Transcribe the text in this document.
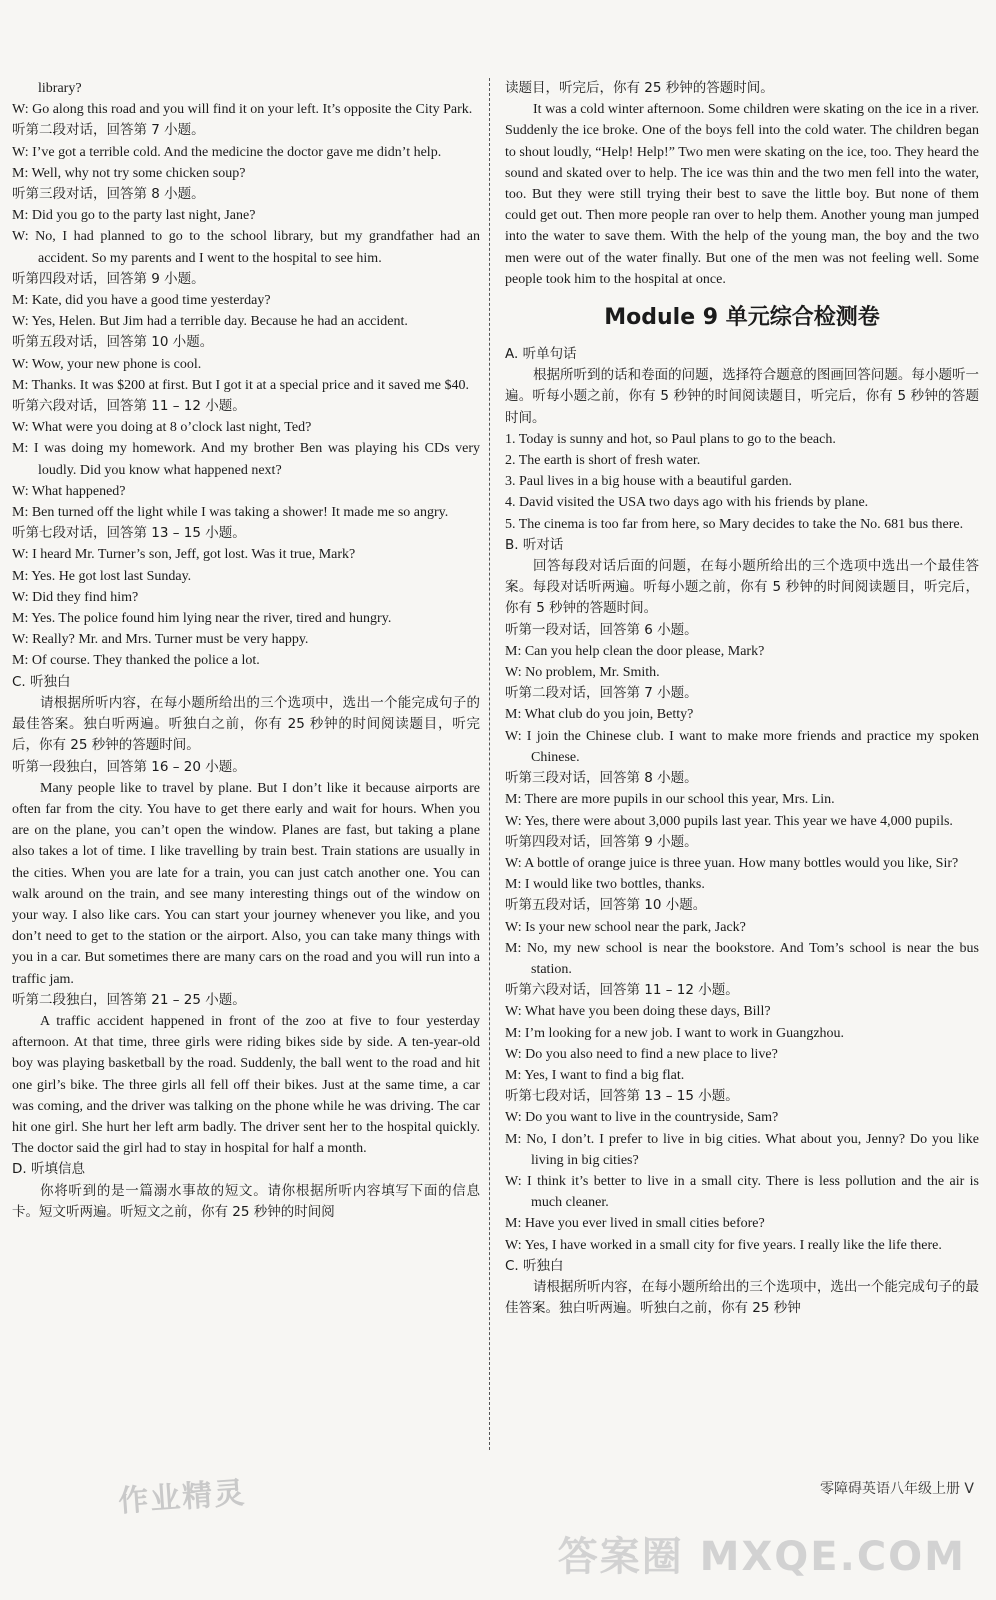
library?
W: Go along this road and you will find it on your left. It’s opposite the City Park.
听第二段对话，回答第 7 小题。
W: I’ve got a terrible cold. And the medicine the doctor gave me didn’t help.
M: Well, why not try some chicken soup?
听第三段对话，回答第 8 小题。
M: Did you go to the party last night, Jane?
W: No, I had planned to go to the school library, but my grandfather had an accident. So my parents and I went to the hospital to see him.
听第四段对话，回答第 9 小题。
M: Kate, did you have a good time yesterday?
W: Yes, Helen. But Jim had a terrible day. Because he had an accident.
听第五段对话，回答第 10 小题。
W: Wow, your new phone is cool.
M: Thanks. It was $200 at first. But I got it at a special price and it saved me $40.
听第六段对话，回答第 11 – 12 小题。
W: What were you doing at 8 o’clock last night, Ted?
M: I was doing my homework. And my brother Ben was playing his CDs very loudly. Did you know what happened next?
W: What happened?
M: Ben turned off the light while I was taking a shower! It made me so angry.
听第七段对话，回答第 13 – 15 小题。
W: I heard Mr. Turner’s son, Jeff, got lost. Was it true, Mark?
M: Yes. He got lost last Sunday.
W: Did they find him?
M: Yes. The police found him lying near the river, tired and hungry.
W: Really? Mr. and Mrs. Turner must be very happy.
M: Of course. They thanked the police a lot.
C. 听独白
请根据所听内容，在每小题所给出的三个选项中，选出一个能完成句子的最佳答案。独白听两遍。听独白之前，你有 25 秒钟的时间阅读题目，听完后，你有 25 秒钟的答题时间。
听第一段独白，回答第 16 – 20 小题。
Many people like to travel by plane. But I don’t like it because airports are often far from the city. You have to get there early and wait for hours. When you are on the plane, you can’t open the window. Planes are fast, but taking a plane also takes a lot of time. I like travelling by train best. Train stations are usually in the cities. When you are late for a train, you can just catch another one. You can walk around on the train, and see many interesting things out of the window on your way. I also like cars. You can start your journey whenever you like, and you don’t need to get to the station or the airport. Also, you can take many things with you in a car. But sometimes there are many cars on the road and you will run into a traffic jam.
听第二段独白，回答第 21 – 25 小题。
A traffic accident happened in front of the zoo at five to four yesterday afternoon. At that time, three girls were riding bikes side by side. A ten-year-old boy was playing basketball by the road. Suddenly, the ball went to the road and hit one girl’s bike. The three girls all fell off their bikes. Just at the same time, a car was coming, and the driver was talking on the phone while he was driving. The car hit one girl. She hurt her left arm badly. The driver sent her to the hospital quickly. The doctor said the girl had to stay in hospital for half a month.
D. 听填信息
你将听到的是一篇溺水事故的短文。请你根据所听内容填写下面的信息卡。短文听两遍。听短文之前，你有 25 秒钟的时间阅
读题目，听完后，你有 25 秒钟的答题时间。
It was a cold winter afternoon. Some children were skating on the ice in a river. Suddenly the ice broke. One of the boys fell into the cold water. The children began to shout loudly, “Help! Help!” Two men were skating on the ice, too. They heard the sound and skated over to help. The ice was thin and the two men fell into the water, too. But they were still trying their best to save the little boy. But none of them could get out. Then more people ran over to help them. Another young man jumped into the water to save them. With the help of the young man, the boy and the two men were out of the water finally. But one of the men was not feeling well. Some people took him to the hospital at once.
Module 9 单元综合检测卷
A. 听单句话
根据所听到的话和卷面的问题，选择符合题意的图画回答问题。每小题听一遍。听每小题之前，你有 5 秒钟的时间阅读题目，听完后，你有 5 秒钟的答题时间。
1. Today is sunny and hot, so Paul plans to go to the beach.
2. The earth is short of fresh water.
3. Paul lives in a big house with a beautiful garden.
4. David visited the USA two days ago with his friends by plane.
5. The cinema is too far from here, so Mary decides to take the No. 681 bus there.
B. 听对话
回答每段对话后面的问题，在每小题所给出的三个选项中选出一个最佳答案。每段对话听两遍。听每小题之前，你有 5 秒钟的时间阅读题目，听完后，你有 5 秒钟的答题时间。
听第一段对话，回答第 6 小题。
M: Can you help clean the door please, Mark?
W: No problem, Mr. Smith.
听第二段对话，回答第 7 小题。
M: What club do you join, Betty?
W: I join the Chinese club. I want to make more friends and practice my spoken Chinese.
听第三段对话，回答第 8 小题。
M: There are more pupils in our school this year, Mrs. Lin.
W: Yes, there were about 3,000 pupils last year. This year we have 4,000 pupils.
听第四段对话，回答第 9 小题。
W: A bottle of orange juice is three yuan. How many bottles would you like, Sir?
M: I would like two bottles, thanks.
听第五段对话，回答第 10 小题。
W: Is your new school near the park, Jack?
M: No, my new school is near the bookstore. And Tom’s school is near the bus station.
听第六段对话，回答第 11 – 12 小题。
W: What have you been doing these days, Bill?
M: I’m looking for a new job. I want to work in Guangzhou.
W: Do you also need to find a new place to live?
M: Yes, I want to find a big flat.
听第七段对话，回答第 13 – 15 小题。
W: Do you want to live in the countryside, Sam?
M: No, I don’t. I prefer to live in big cities. What about you, Jenny? Do you like living in big cities?
W: I think it’s better to live in a small city. There is less pollution and the air is much cleaner.
M: Have you ever lived in small cities before?
W: Yes, I have worked in a small city for five years. I really like the life there.
C. 听独白
请根据所听内容，在每小题所给出的三个选项中，选出一个能完成句子的最佳答案。独白听两遍。听独白之前，你有 25 秒钟
零障碍英语八年级上册 V
作业精灵
答案圈 MXQE.COM
